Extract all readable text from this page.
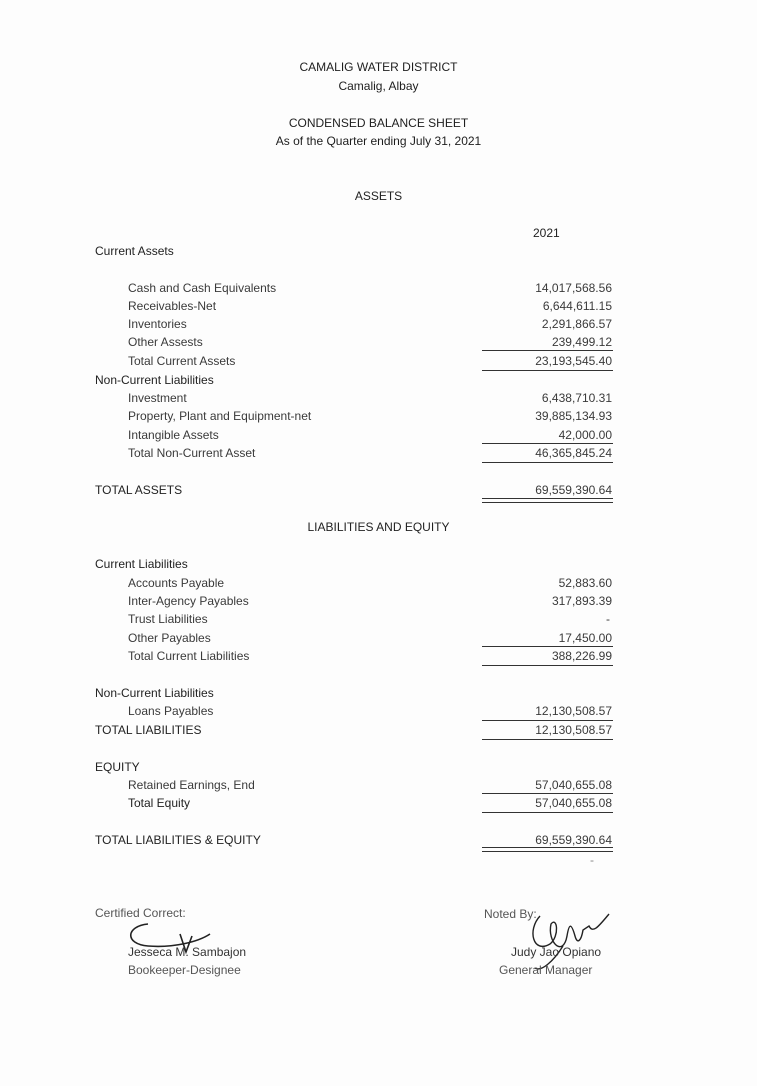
CAMALIG WATER DISTRICT
Camalig, Albay
CONDENSED BALANCE SHEET
As of the Quarter ending July 31, 2021
ASSETS
2021
Current Assets
Cash and Cash Equivalents	14,017,568.56
Receivables-Net	6,644,611.15
Inventories	2,291,866.57
Other Assests	239,499.12
Total Current Assets	23,193,545.40
Non-Current Liabilities
Investment	6,438,710.31
Property, Plant and Equipment-net	39,885,134.93
Intangible Assets	42,000.00
Total Non-Current Asset	46,365,845.24
TOTAL ASSETS	69,559,390.64
LIABILITIES AND EQUITY
Current Liabilities
Accounts Payable	52,883.60
Inter-Agency Payables	317,893.39
Trust Liabilities	-
Other Payables	17,450.00
Total Current Liabilities	388,226.99
Non-Current Liabilities
Loans Payables	12,130,508.57
TOTAL LIABILITIES	12,130,508.57
EQUITY
Retained Earnings, End	57,040,655.08
Total Equity	57,040,655.08
TOTAL LIABILITIES & EQUITY	69,559,390.64
-
Certified Correct:
Jesseca M. Sambajon
Bookeeper-Designee
Noted By:
Judy Jao Opiano
General Manager
